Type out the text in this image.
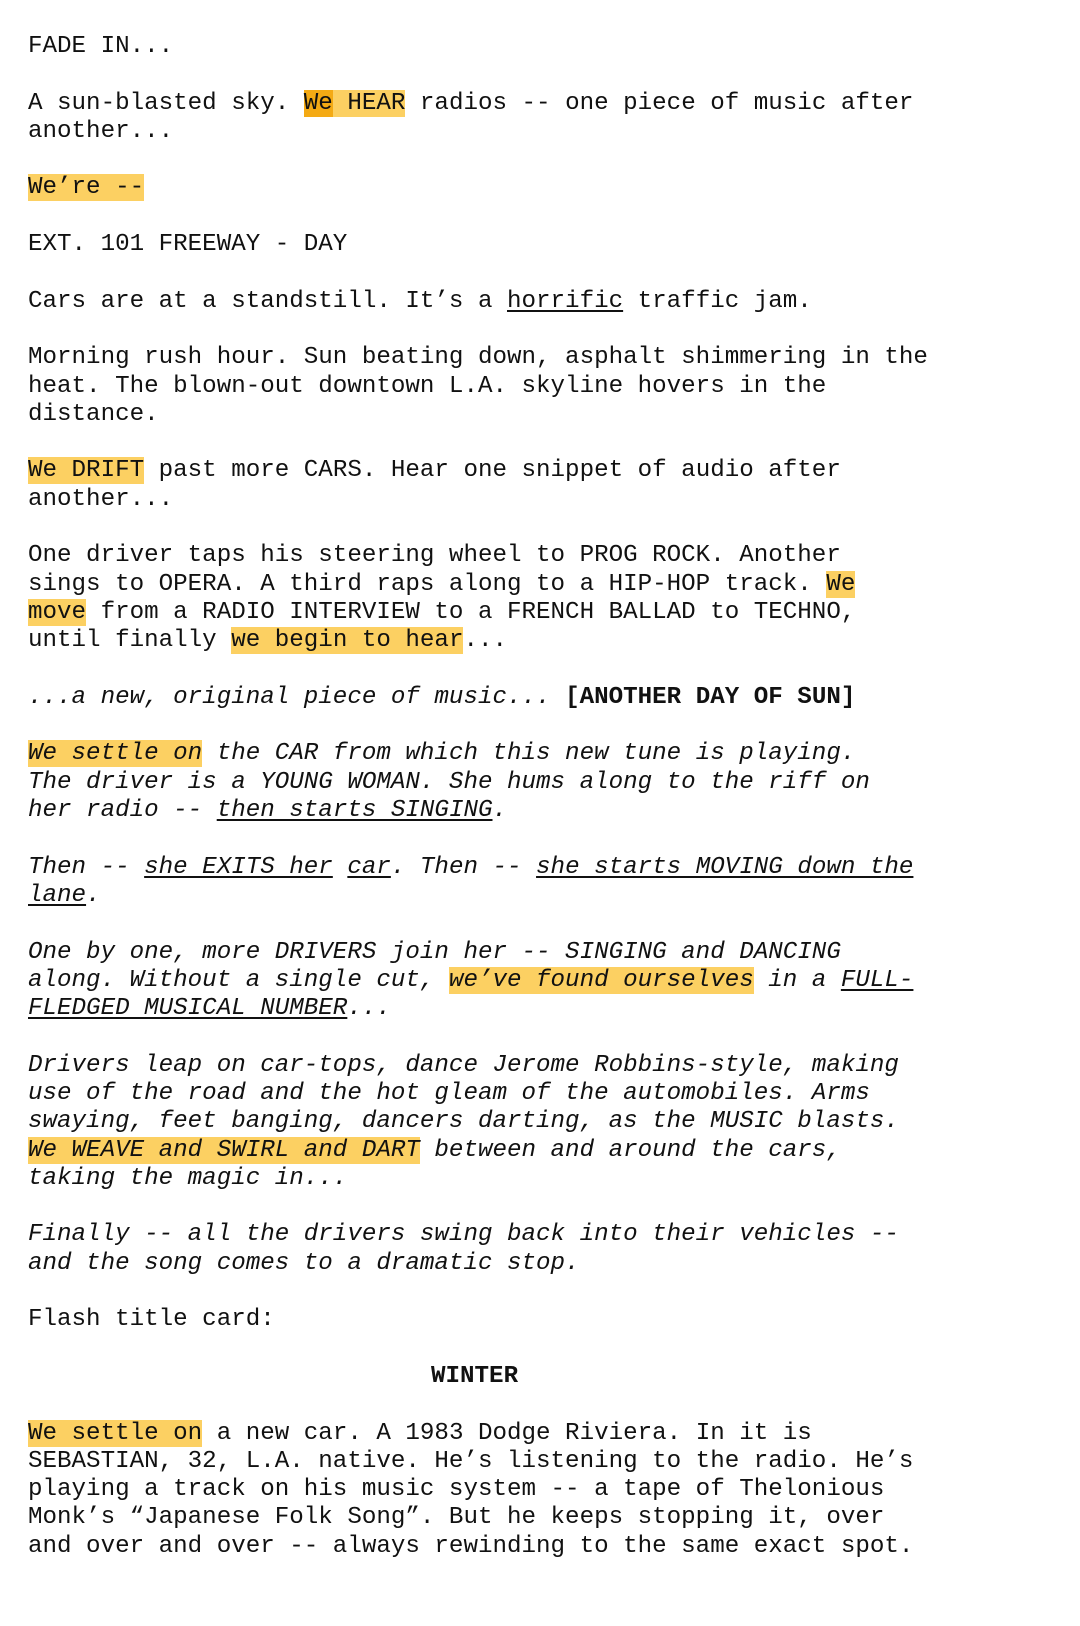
FADE IN...
A sun-blasted sky. We HEAR radios -- one piece of music after
another...
We’re --
EXT. 101 FREEWAY - DAY
Cars are at a standstill. It’s a horrific traffic jam.
Morning rush hour. Sun beating down, asphalt shimmering in the
heat. The blown-out downtown L.A. skyline hovers in the
distance.
We DRIFT past more CARS. Hear one snippet of audio after
another...
One driver taps his steering wheel to PROG ROCK. Another
sings to OPERA. A third raps along to a HIP-HOP track. We
move from a RADIO INTERVIEW to a FRENCH BALLAD to TECHNO,
until finally we begin to hear...
...a new, original piece of music... [ANOTHER DAY OF SUN]
We settle on the CAR from which this new tune is playing.
The driver is a YOUNG WOMAN. She hums along to the riff on
her radio -- then starts SINGING.
Then -- she EXITS her car. Then -- she starts MOVING down the
lane.
One by one, more DRIVERS join her -- SINGING and DANCING
along. Without a single cut, we’ve found ourselves in a FULL-
FLEDGED MUSICAL NUMBER...
Drivers leap on car-tops, dance Jerome Robbins-style, making
use of the road and the hot gleam of the automobiles. Arms
swaying, feet banging, dancers darting, as the MUSIC blasts.
We WEAVE and SWIRL and DART between and around the cars,
taking the magic in...
Finally -- all the drivers swing back into their vehicles --
and the song comes to a dramatic stop.
Flash title card:
WINTER
We settle on a new car. A 1983 Dodge Riviera. In it is
SEBASTIAN, 32, L.A. native. He’s listening to the radio. He’s
playing a track on his music system -- a tape of Thelonious
Monk’s “Japanese Folk Song”. But he keeps stopping it, over
and over and over -- always rewinding to the same exact spot.
